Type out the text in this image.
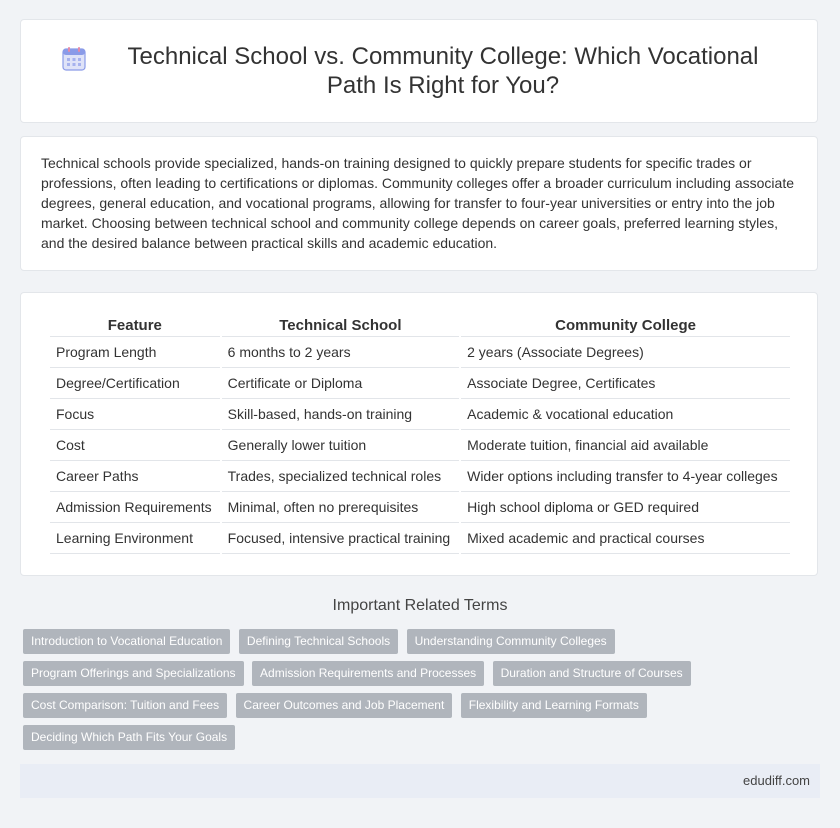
Technical School vs. Community College: Which Vocational Path Is Right for You?

Technical schools provide specialized, hands-on training designed to quickly prepare students for specific trades or professions, often leading to certifications or diplomas. Community colleges offer a broader curriculum including associate degrees, general education, and vocational programs, allowing for transfer to four-year universities or entry into the job market. Choosing between technical school and community college depends on career goals, preferred learning styles, and the desired balance between practical skills and academic education.

Feature	Technical School	Community College
Program Length	6 months to 2 years	2 years (Associate Degrees)
Degree/Certification	Certificate or Diploma	Associate Degree, Certificates
Focus	Skill-based, hands-on training	Academic & vocational education
Cost	Generally lower tuition	Moderate tuition, financial aid available
Career Paths	Trades, specialized technical roles	Wider options including transfer to 4-year colleges
Admission Requirements	Minimal, often no prerequisites	High school diploma or GED required
Learning Environment	Focused, intensive practical training	Mixed academic and practical courses
Important Related Terms
Introduction to Vocational Education Defining Technical Schools Understanding Community Colleges
Program Offerings and Specializations Admission Requirements and Processes Duration and Structure of Courses
Cost Comparison: Tuition and Fees Career Outcomes and Job Placement Flexibility and Learning Formats
Deciding Which Path Fits Your Goals
edudiff.com
